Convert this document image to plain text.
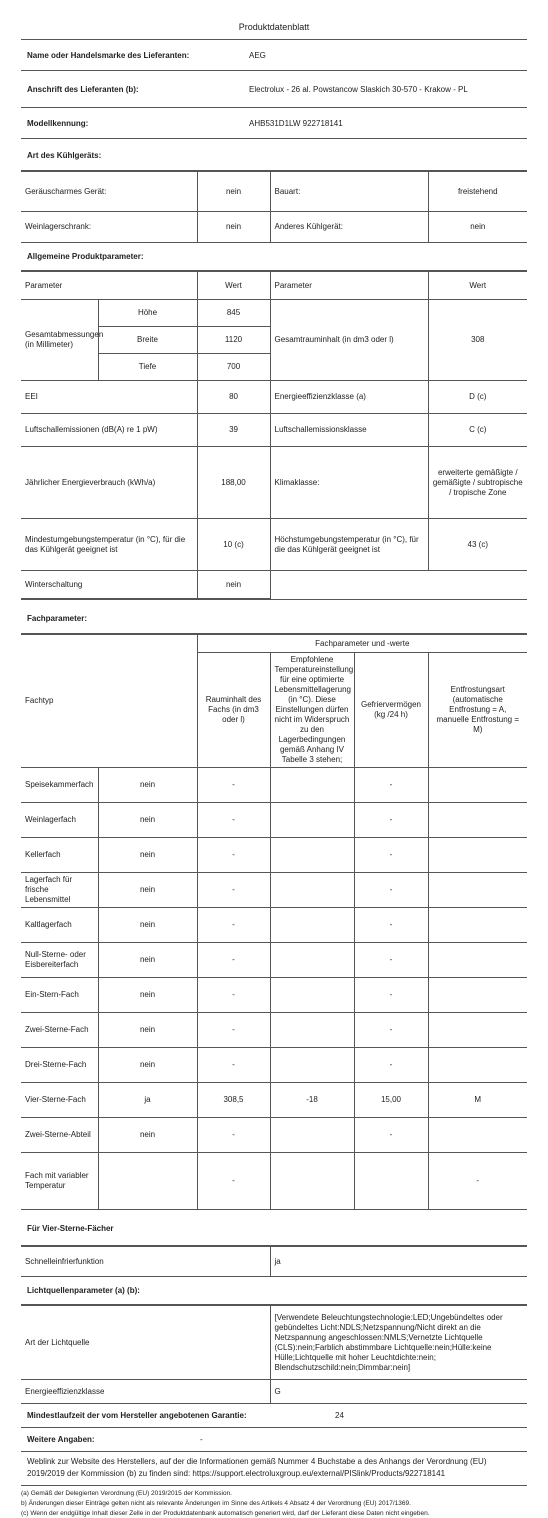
Produktdatenblatt
Name oder Handelsmarke des Lieferanten:	AEG
Anschrift des Lieferanten (b):	Electrolux - 26 al. Powstancow Slaskich 30-570 - Krakow - PL
Modellkennung:	AHB531D1LW 922718141
Art des Kühlgeräts:
Geräuscharmes Gerät:	nein	Bauart:	freistehend
Weinlagerschrank:	nein	Anderes Kühlgerät:	nein
Allgemeine Produktparameter:
Parameter		Wert	Parameter	Wert
Gesamtabmessungen (in Millimeter)	Höhe	845	Gesamtrauminhalt (in dm3 oder l)	308
	Breite	1120		
	Tiefe	700		
EEI		80	Energieeffizienzklasse (a)	D (c)
Luftschallemissionen (dB(A) re 1 pW)		39	Luftschallemissionsklasse	C (c)
Jährlicher Energieverbrauch (kWh/a)		188,00	Klimaklasse:	erweiterte gemäßigte / gemäßigte / subtropische / tropische Zone
Mindestumgebungstemperatur (in °C), für die das Kühlgerät geeignet ist		10 (c)	Höchstumgebungstemperatur (in °C), für die das Kühlgerät geeignet ist	43 (c)
Winterschaltung		nein		
Fachparameter:
Fachtyp		Fachparameter und -werte			
		Rauminhalt des Fachs (in dm3 oder l)	Empfohlene Temperatureinstellung für eine optimierte Lebensmittellagerung (in °C). Diese Einstellungen dürfen nicht im Widerspruch zu den Lagerbedingungen gemäß Anhang IV Tabelle 3 stehen;	Gefriervermögen (kg /24 h)	Entfrostungsart (automatische Entfrostung = A, manuelle Entfrostung = M)
Speisekammerfach	nein	-		-	
Weinlagerfach	nein	-		-	
Kellerfach	nein	-		-	
Lagerfach für frische Lebensmittel	nein	-		-	
Kaltlagerfach	nein	-		-	
Null-Sterne- oder Eisbereiterfach	nein	-		-	
Ein-Stern-Fach	nein	-		-	
Zwei-Sterne-Fach	nein	-		-	
Drei-Sterne-Fach	nein	-		-	
Vier-Sterne-Fach	ja	308,5	-18	15,00	M
Zwei-Sterne-Abteil	nein	-		-	
Fach mit variabler Temperatur		-			-
Für Vier-Sterne-Fächer
Schnelleinfrierfunktion	ja
Lichtquellenparameter (a) (b):
Art der Lichtquelle	[Verwendete Beleuchtungstechnologie:LED;Ungebündeltes oder gebündeltes Licht:NDLS;Netzspannung/Nicht direkt an die Netzspannung angeschlossen:NMLS;Vernetzte Lichtquelle (CLS):nein;Farblich abstimmbare Lichtquelle:nein;Hülle:keine Hülle;Lichtquelle mit hoher Leuchtdichte:nein; Blendschutzschild:nein;Dimmbar:nein]
Energieeffizienzklasse	G
Mindestlaufzeit der vom Hersteller angebotenen Garantie:	24
Weitere Angaben:	-
Weblink zur Website des Herstellers, auf der die Informationen gemäß Nummer 4 Buchstabe a des Anhangs der Verordnung (EU) 2019/2019 der Kommission (b) zu finden sind: https://support.electroluxgroup.eu/external/PISlink/Products/922718141
(a) Gemäß der Delegierten Verordnung (EU) 2019/2015 der Kommission.
b) Änderungen dieser Einträge gelten nicht als relevante Änderungen im Sinne des Artikels 4 Absatz 4 der Verordnung (EU) 2017/1369.
(c) Wenn der endgültige Inhalt dieser Zelle in der Produktdatenbank automatisch generiert wird, darf der Lieferant diese Daten nicht eingeben.
